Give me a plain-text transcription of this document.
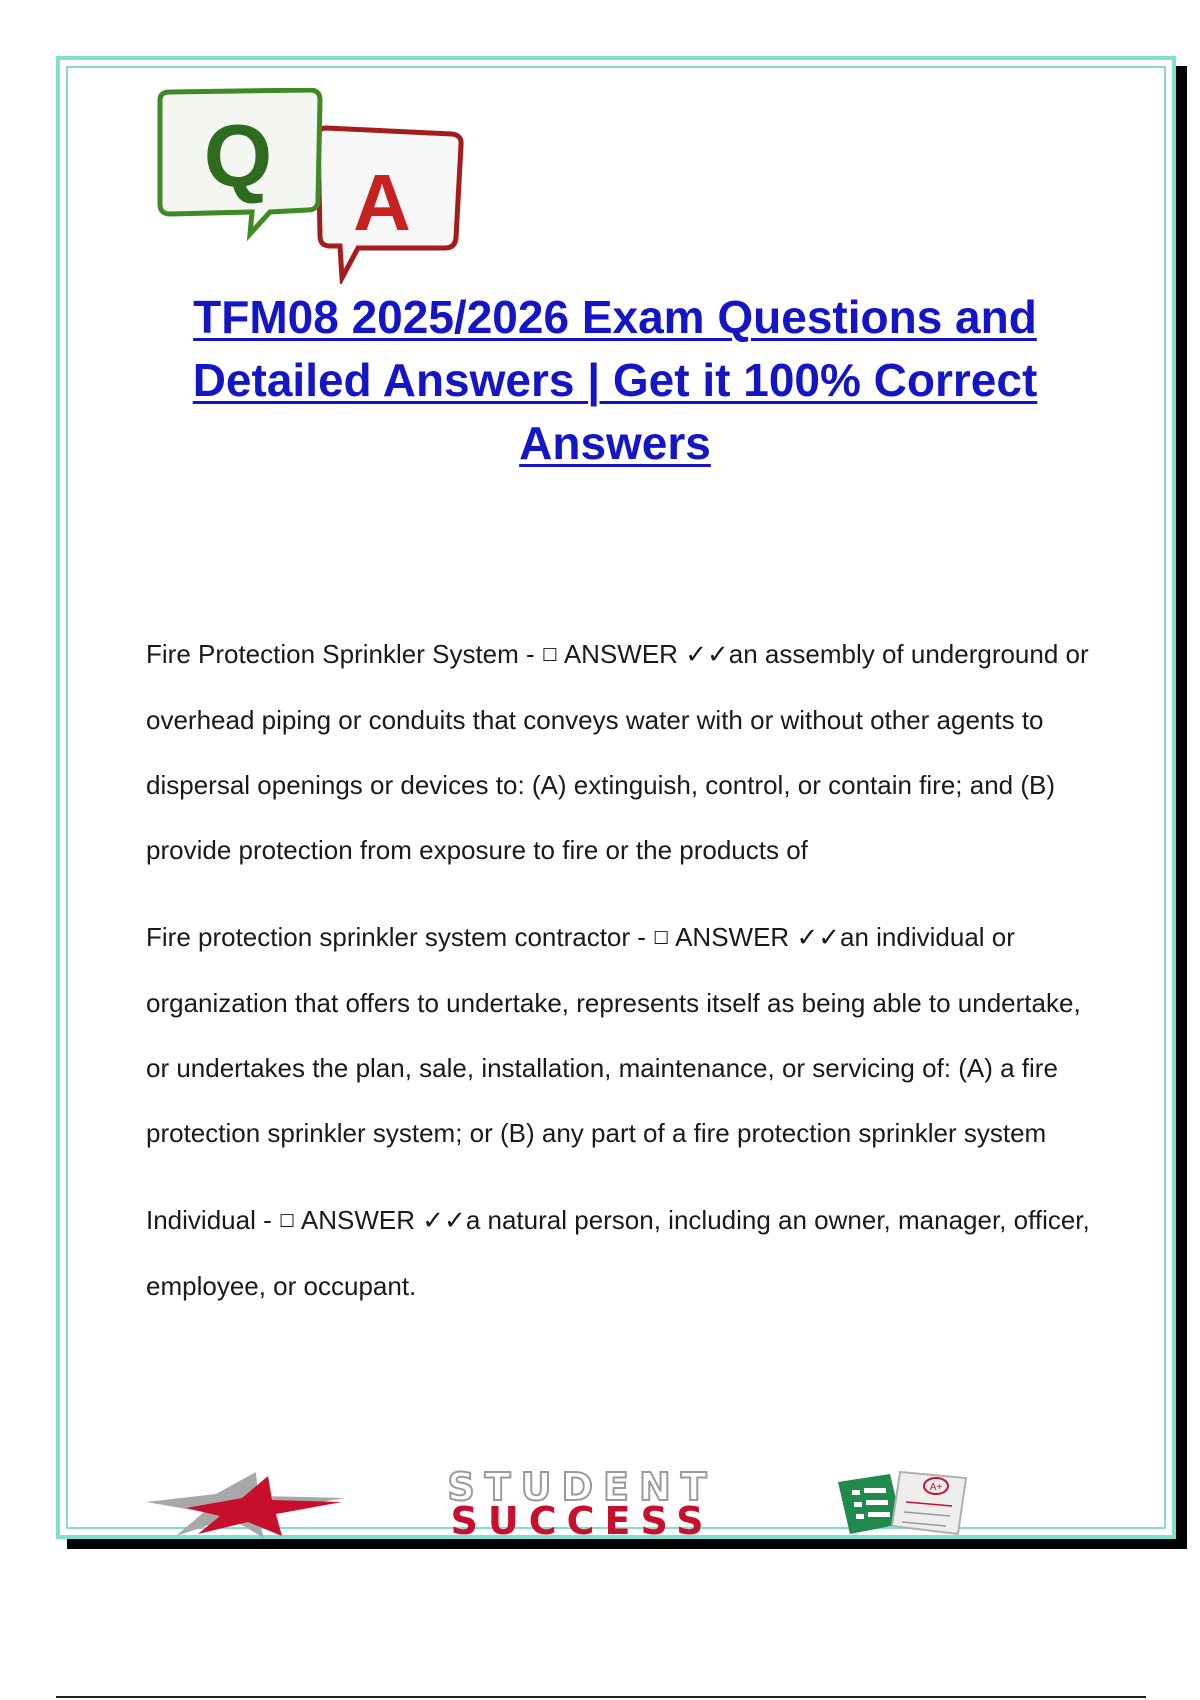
A
Q
TFM08 2025/2026 Exam Questions and Detailed Answers | Get it 100% Correct Answers

Fire Protection Sprinkler System - ☐ ANSWER ✓✓an assembly of underground or overhead piping or conduits that conveys water with or without other agents to dispersal openings or devices to: (A) extinguish, control, or contain fire; and (B) provide protection from exposure to fire or the products of

Fire protection sprinkler system contractor - ☐ ANSWER ✓✓an individual or organization that offers to undertake, represents itself as being able to undertake, or undertakes the plan, sale, installation, maintenance, or servicing of: (A) a fire protection sprinkler system; or (B) any part of a fire protection sprinkler system

Individual - ☐ ANSWER ✓✓a natural person, including an owner, manager, officer, employee, or occupant.

STUDENT
SUCCESS
A+
